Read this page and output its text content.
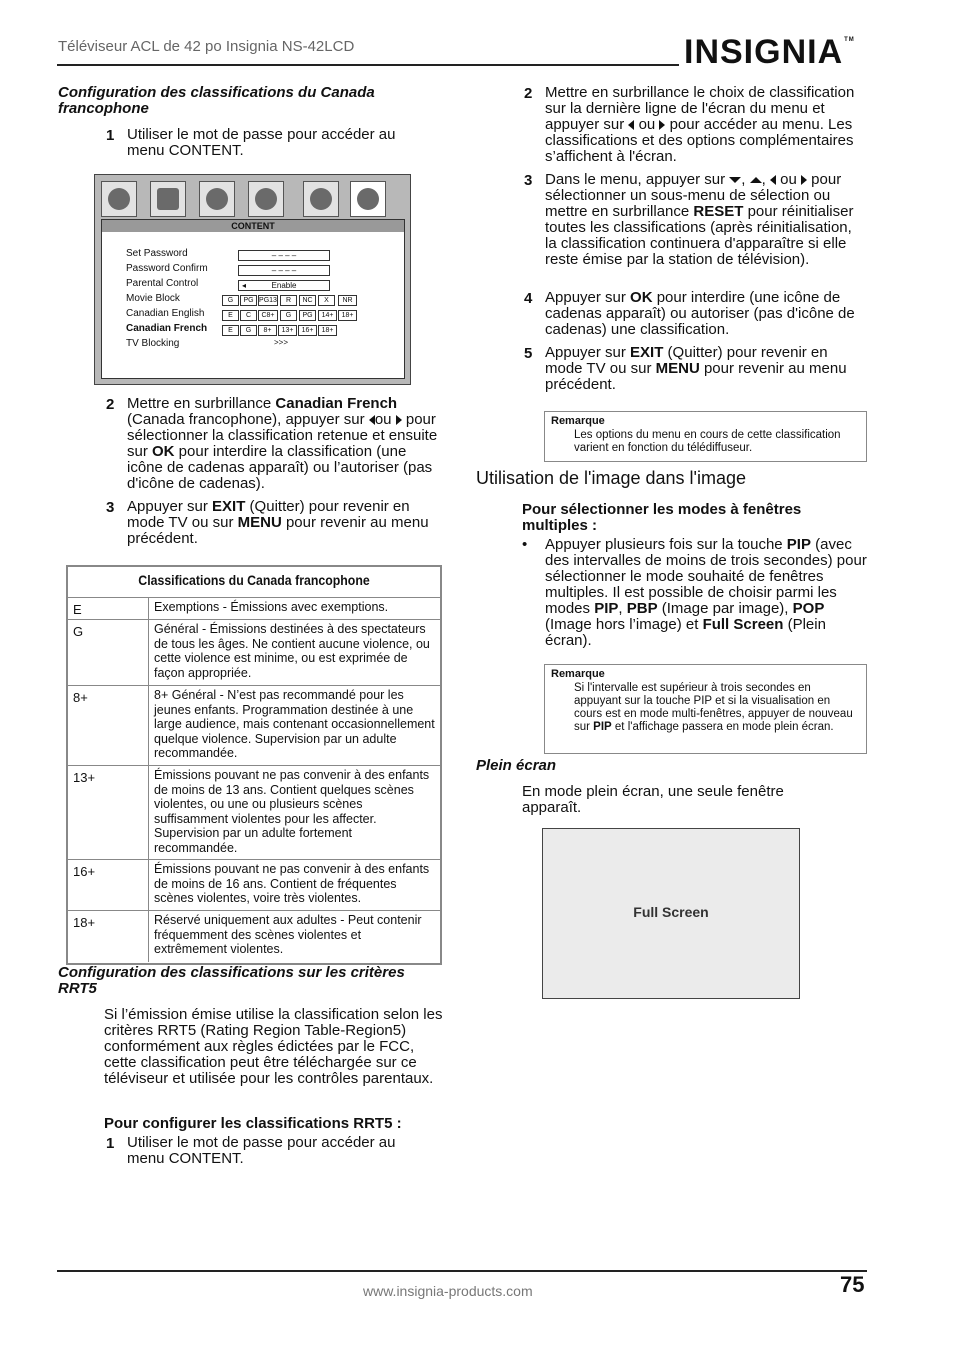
Téléviseur ACL de 42 po Insignia NS-42LCD	INSIGNIA™
Configuration des classifications du Canada francophone
1 Utiliser le mot de passe pour accéder au menu CONTENT.
CONTENT
Set Password	– – – –
Password Confirm	– – – –
Parental Control	◂	Enable
Movie Block	G	PG PG13	R	NC	X	NR
Canadian English	E	C	C8+	G	PG	14+	18+
Canadian French	E	G	8+	13+	16+	18+
TV Blocking	>>>
2 Mettre en surbrillance Canadian French (Canada francophone), appuyer sur ou pour sélectionner la classification retenue et ensuite sur OK pour interdire la classification (une icône de cadenas apparaît) ou l’autoriser (pas d'icône de cadenas).
3 Appuyer sur EXIT (Quitter) pour revenir en mode TV ou sur MENU pour revenir au menu précédent.
Classifications du Canada francophone
E	Exemptions - Émissions avec exemptions.
G	Général - Émissions destinées à des spectateurs de tous les âges. Ne contient aucune violence, ou cette violence est minime, ou est exprimée de façon appropriée.
8+	8+ Général - N’est pas recommandé pour les jeunes enfants. Programmation destinée à une large audience, mais contenant occasionnellement quelque violence. Supervision par un adulte recommandée.
13+	Émissions pouvant ne pas convenir à des enfants de moins de 13 ans. Contient quelques scènes violentes, ou une ou plusieurs scènes suffisamment violentes pour les affecter. Supervision par un adulte fortement recommandée.
16+	Émissions pouvant ne pas convenir à des enfants de moins de 16 ans. Contient de fréquentes scènes violentes, voire très violentes.
18+	Réservé uniquement aux adultes - Peut contenir fréquemment des scènes violentes et extrêmement violentes.
Configuration des classifications sur les critères RRT5
Si l’émission émise utilise la classification selon les critères RRT5 (Rating Region Table-Region5) conformément aux règles édictées par le FCC, cette classification peut être téléchargée sur ce téléviseur et utilisée pour les contrôles parentaux.
Pour configurer les classifications RRT5 :
1 Utiliser le mot de passe pour accéder au menu CONTENT.
2 Mettre en surbrillance le choix de classification sur la dernière ligne de l'écran du menu et appuyer sur ou pour accéder au menu. Les classifications et des options complémentaires s’affichent à l'écran.
3 Dans le menu, appuyer sur , ,  ou pour sélectionner un sous-menu de sélection ou mettre en surbrillance RESET pour réinitialiser toutes les classifications (après réinitialisation, la classification continuera d'apparaître si elle reste émise par la station de télévision).
4 Appuyer sur OK pour interdire (une icône de cadenas apparaît) ou autoriser (pas d'icône de cadenas) une classification.
5 Appuyer sur EXIT (Quitter) pour revenir en mode TV ou sur MENU pour revenir au menu précédent.
Remarque
Les options du menu en cours de cette classification varient en fonction du télédiffuseur.
Utilisation de l'image dans l'image
Pour sélectionner les modes à fenêtres multiples :
• Appuyer plusieurs fois sur la touche PIP (avec des intervalles de moins de trois secondes) pour sélectionner le mode souhaité de fenêtres multiples. Il est possible de choisir parmi les modes PIP, PBP (Image par image), POP (Image hors l’image) et Full Screen (Plein écran).
Remarque
Si l'intervalle est supérieur à trois secondes en appuyant sur la touche PIP et si la visualisation en cours est en mode multi-fenêtres, appuyer de nouveau sur PIP et l'affichage passera en mode plein écran.
Plein écran
En mode plein écran, une seule fenêtre apparaît.
Full Screen
www.insignia-products.com	75
